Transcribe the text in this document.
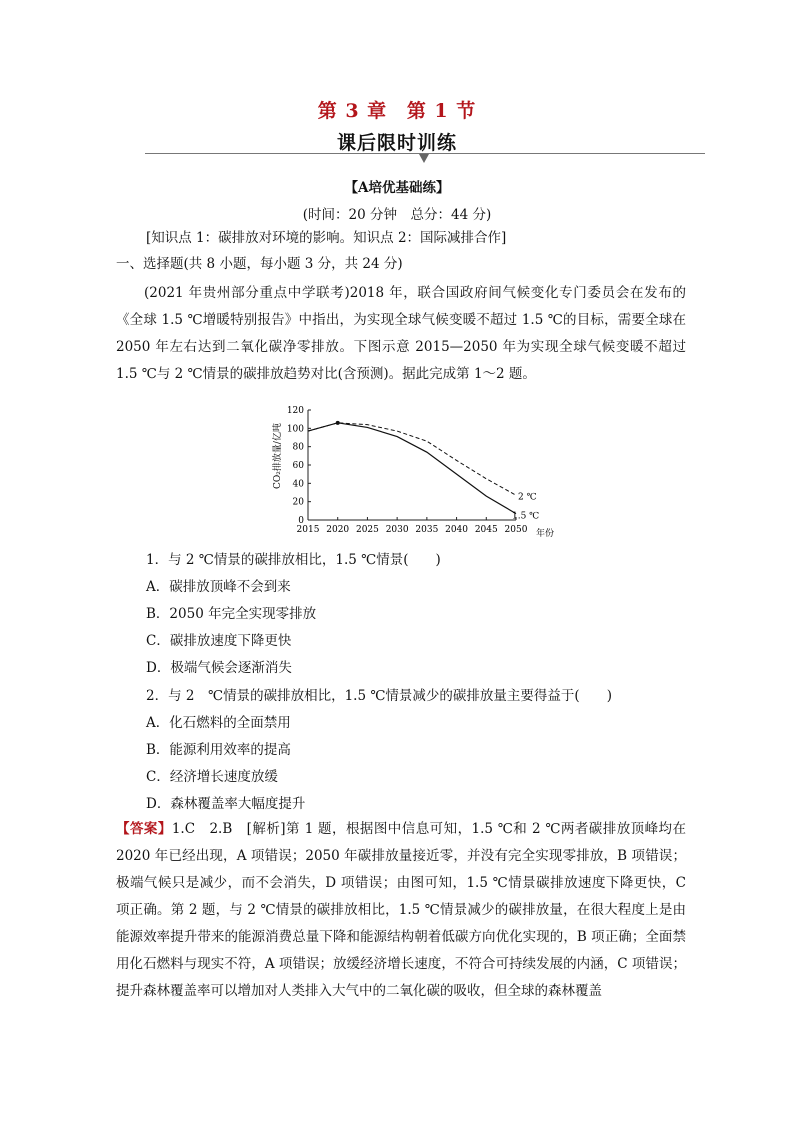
第 3 章 第 1 节
课后限时训练
【A培优基础练】
(时间：20 分钟　总分：44 分)
[知识点 1：碳排放对环境的影响。知识点 2：国际减排合作]
一、选择题(共 8 小题，每小题 3 分，共 24 分)
(2021 年贵州部分重点中学联考)2018 年，联合国政府间气候变化专门委员会在发布的《全球 1.5 ℃增暖特别报告》中指出，为实现全球气候变暖不超过 1.5 ℃的目标，需要全球在 2050 年左右达到二氧化碳净零排放。下图示意 2015—2050 年为实现全球气候变暖不超过 1.5 ℃与 2 ℃情景的碳排放趋势对比(含预测)。据此完成第 1～2 题。
CO₂排放量/亿吨
0
20
40
60
80
100
120
2015 2020 2025 2030 2035 2040 2045 2050
2 ℃
1.5 ℃
年份
1．与 2 ℃情景的碳排放相比，1.5 ℃情景(　　)
A．碳排放顶峰不会到来
B．2050 年完全实现零排放
C．碳排放速度下降更快
D．极端气候会逐渐消失
2．与 2　℃情景的碳排放相比，1.5 ℃情景减少的碳排放量主要得益于(　　)
A．化石燃料的全面禁用
B．能源利用效率的提高
C．经济增长速度放缓
D．森林覆盖率大幅度提升
【答案】1.C　2.B　[解析]第 1 题，根据图中信息可知，1.5 ℃和 2 ℃两者碳排放顶峰均在 2020 年已经出现，A 项错误；2050 年碳排放量接近零，并没有完全实现零排放，B 项错误；极端气候只是减少，而不会消失，D 项错误；由图可知，1.5 ℃情景碳排放速度下降更快，C 项正确。第 2 题，与 2 ℃情景的碳排放相比，1.5 ℃情景减少的碳排放量，在很大程度上是由能源效率提升带来的能源消费总量下降和能源结构朝着低碳方向优化实现的，B 项正确；全面禁用化石燃料与现实不符，A 项错误；放缓经济增长速度，不符合可持续发展的内涵，C 项错误；提升森林覆盖率可以增加对人类排入大气中的二氧化碳的吸收，但全球的森林覆盖
